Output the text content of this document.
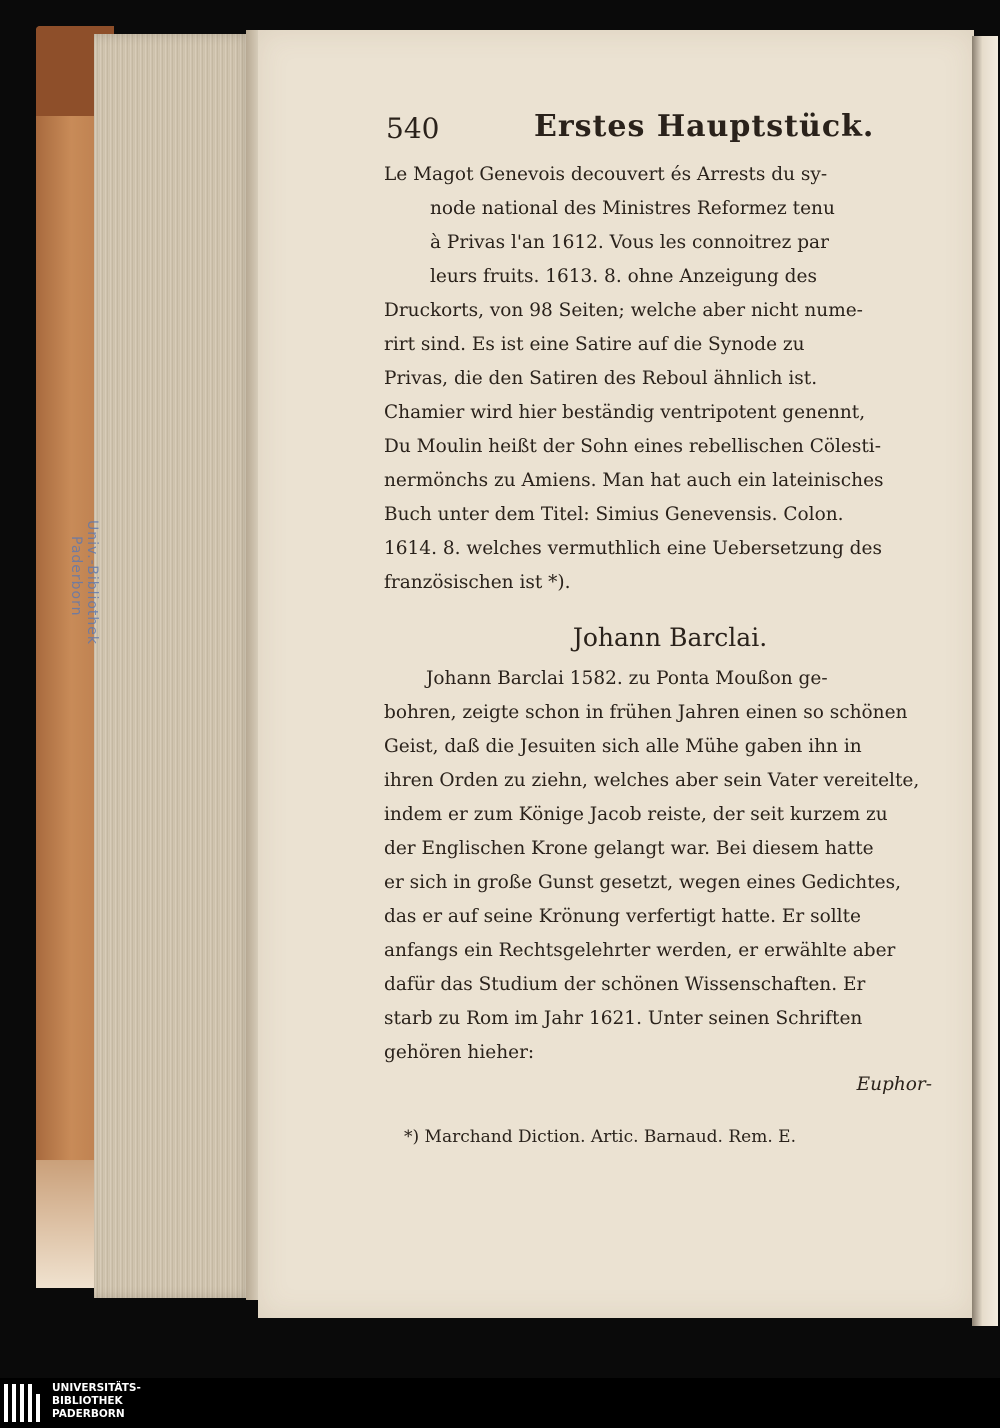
Univ.-Bibliothek
Paderborn
540	Erstes Hauptstück.
Le Magot Genevois decouvert és Arrests du sy-
node national des Ministres Reformez tenu
à Privas l'an 1612. Vous les connoitrez par
leurs fruits. 1613. 8. ohne Anzeigung des
Druckorts, von 98 Seiten; welche aber nicht nume-
rirt sind. Es ist eine Satire auf die Synode zu
Privas, die den Satiren des Reboul ähnlich ist.
Chamier wird hier beständig ventripotent genennt,
Du Moulin heißt der Sohn eines rebellischen Cölesti-
nermönchs zu Amiens. Man hat auch ein lateinisches
Buch unter dem Titel: Simius Genevensis. Colon.
1614. 8. welches vermuthlich eine Uebersetzung des
französischen ist *).
Johann Barclai.
Johann Barclai 1582. zu Ponta Moußon ge-
bohren, zeigte schon in frühen Jahren einen so schönen
Geist, daß die Jesuiten sich alle Mühe gaben ihn in
ihren Orden zu ziehn, welches aber sein Vater vereitelte,
indem er zum Könige Jacob reiste, der seit kurzem zu
der Englischen Krone gelangt war. Bei diesem hatte
er sich in große Gunst gesetzt, wegen eines Gedichtes,
das er auf seine Krönung verfertigt hatte. Er sollte
anfangs ein Rechtsgelehrter werden, er erwählte aber
dafür das Studium der schönen Wissenschaften. Er
starb zu Rom im Jahr 1621. Unter seinen Schriften
gehören hieher:
Euphor-
*) Marchand Diction. Artic. Barnaud. Rem. E.
UNIVERSITÄTS-
BIBLIOTHEK
PADERBORN
